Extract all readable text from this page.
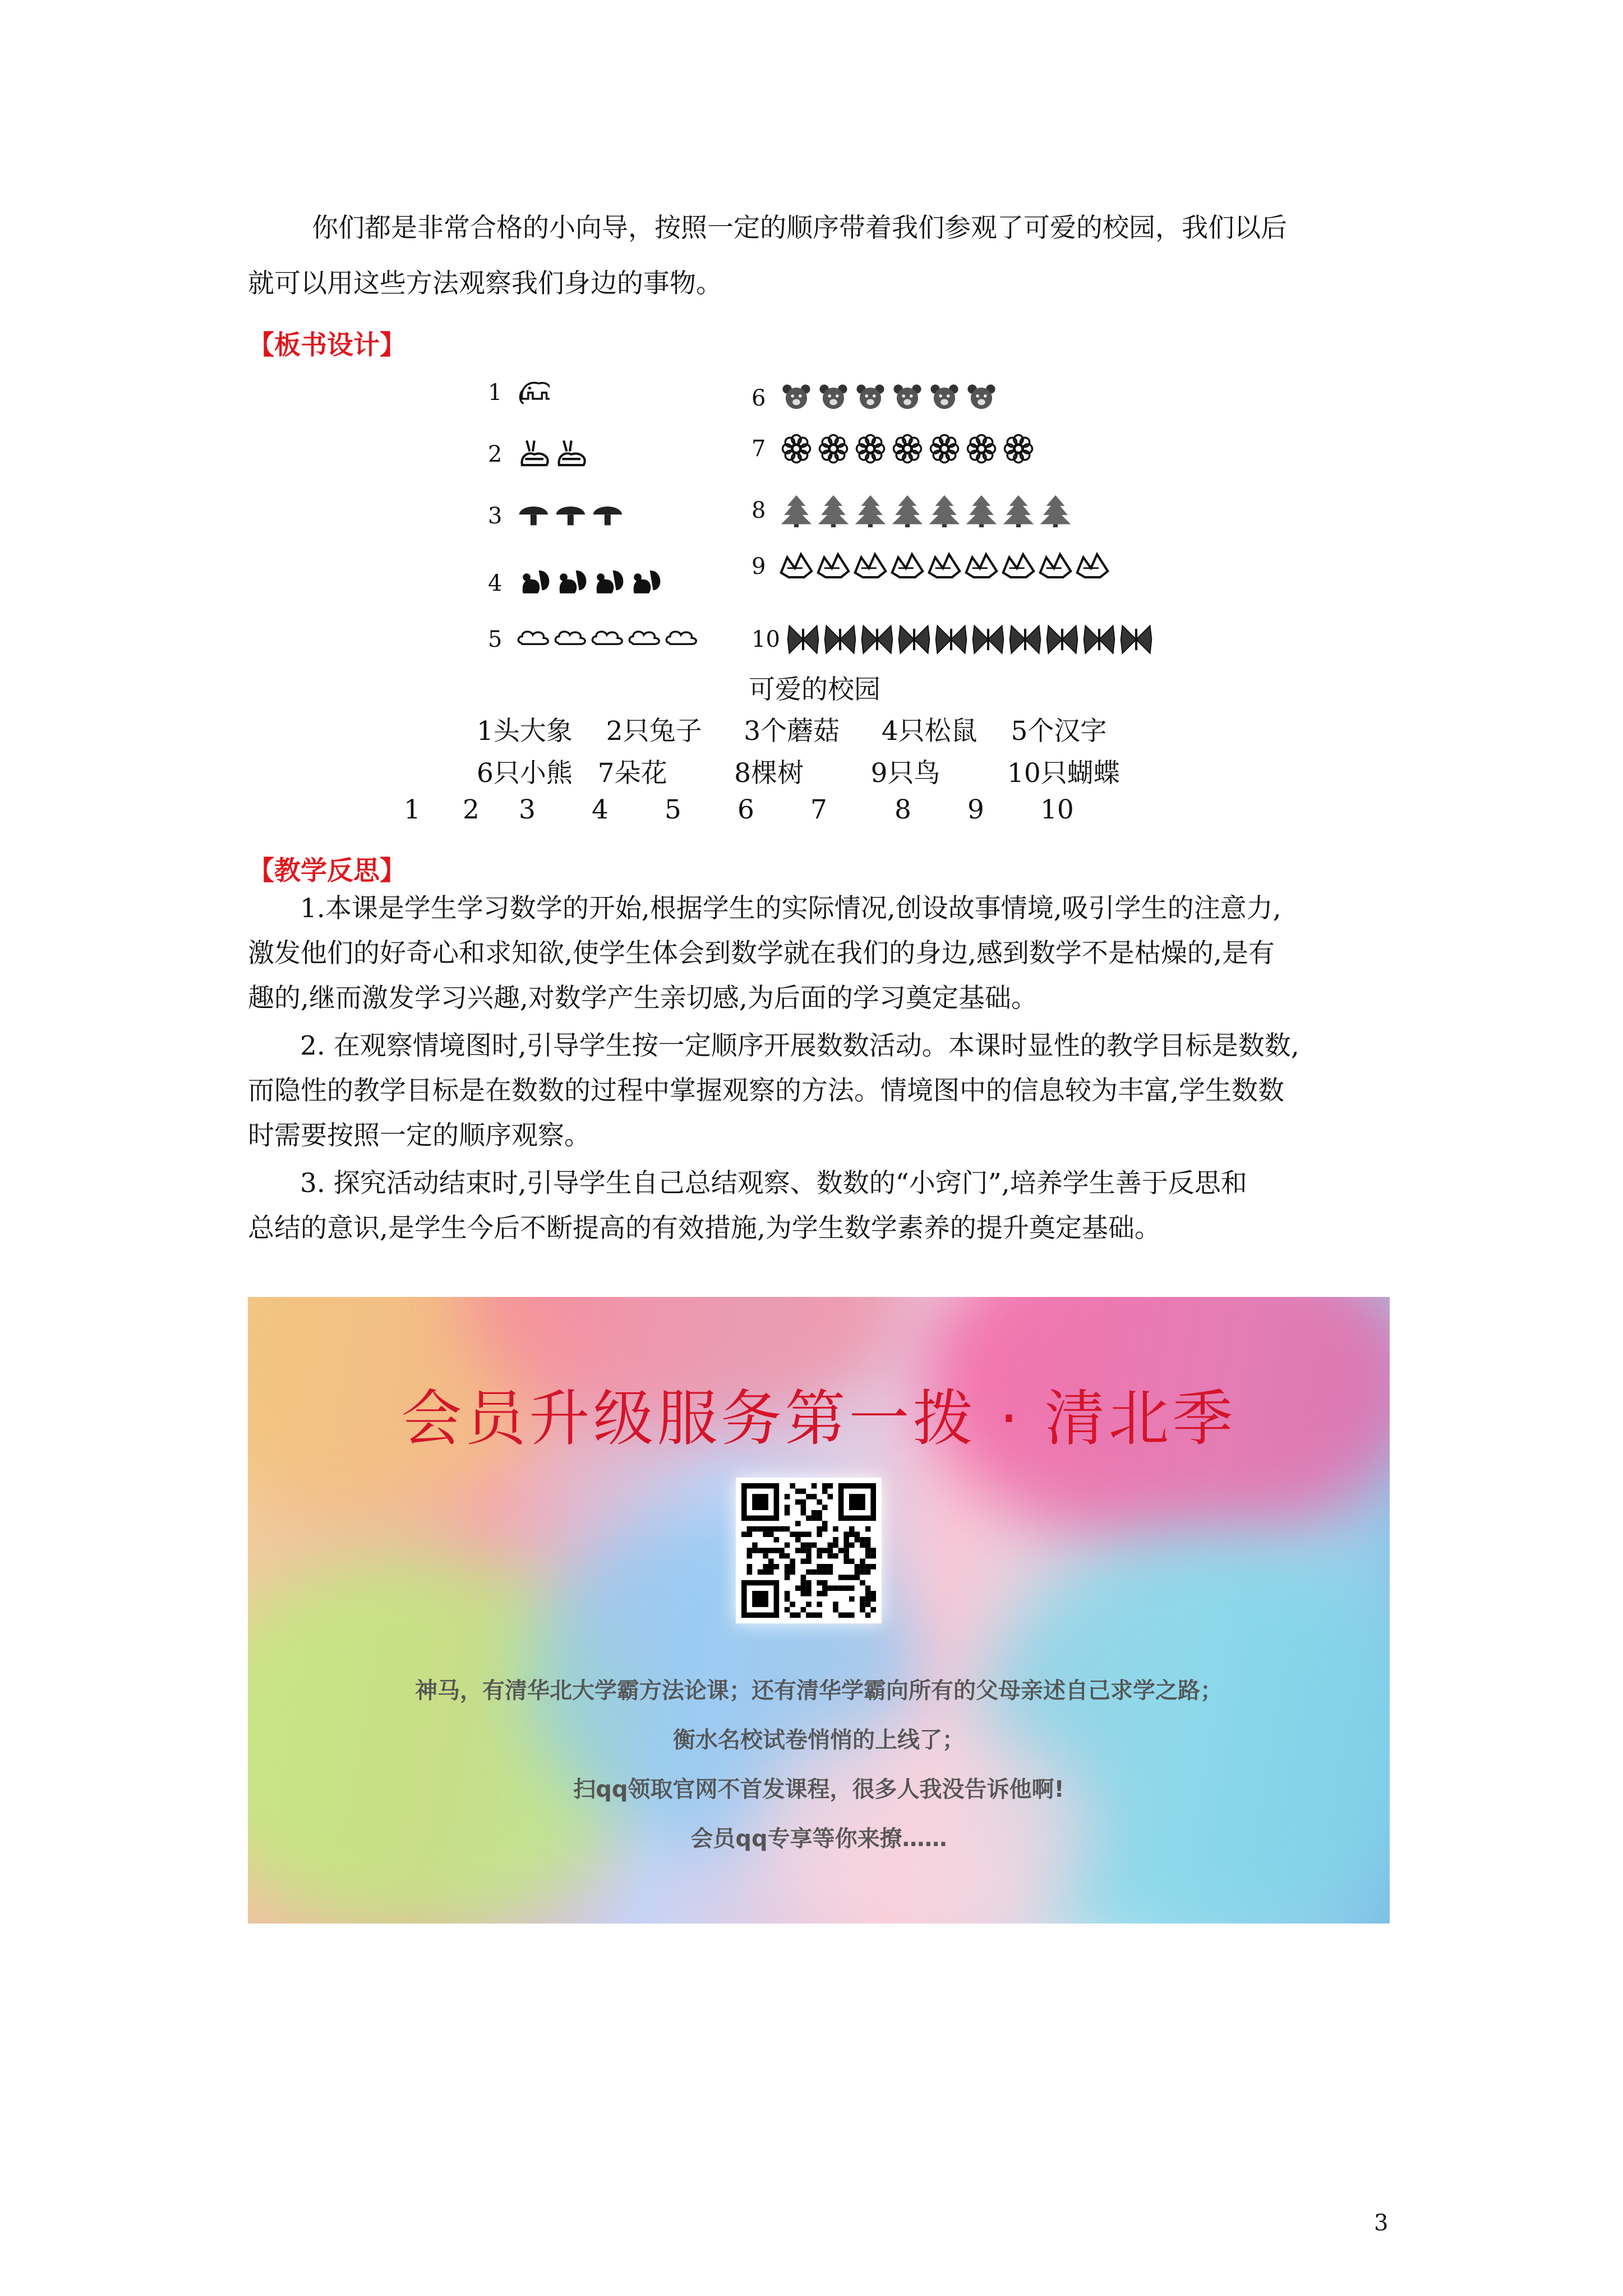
你们都是非常合格的小向导，按照一定的顺序带着我们参观了可爱的校园，我们以后

就可以用这些方法观察我们身边的事物。

【板书设计】

1
2
3
4
5
6
7
8
9
10
可爱的校园
1头大象    2只兔子     3个蘑菇     4只松鼠    5个汉字
6只小熊   7朵花        8棵树        9只鸟        10只蝴蝶
1 2 3 4 5 6 7	8 9 10

【教学反思】

1.本课是学生学习数学的开始,根据学生的实际情况,创设故事情境,吸引学生的注意力,

激发他们的好奇心和求知欲,使学生体会到数学就在我们的身边,感到数学不是枯燥的,是有

趣的,继而激发学习兴趣,对数学产生亲切感,为后面的学习奠定基础。

2. 在观察情境图时,引导学生按一定顺序开展数数活动。本课时显性的教学目标是数数,

而隐性的教学目标是在数数的过程中掌握观察的方法。情境图中的信息较为丰富,学生数数

时需要按照一定的顺序观察。

3. 探究活动结束时,引导学生自己总结观察、数数的“小窍门”,培养学生善于反思和

总结的意识,是学生今后不断提高的有效措施,为学生数学素养的提升奠定基础。

会员升级服务第一拨 · 清北季
神马，有清华北大学霸方法论课；还有清华学霸向所有的父母亲述自己求学之路；
衡水名校试卷悄悄的上线了；
扫qq领取官网不首发课程，很多人我没告诉他啊!
会员qq专享等你来撩……
3
